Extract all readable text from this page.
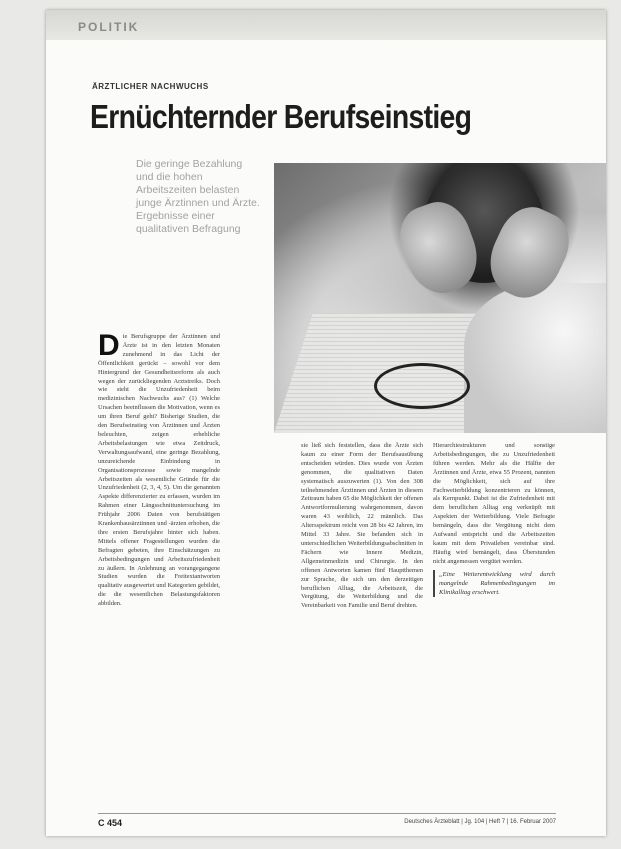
POLITIK
ÄRZTLICHER NACHWUCHS
Ernüchternder Berufseinstieg
Die geringe Bezahlung und die hohen Arbeitszeiten belasten junge Ärztinnen und Ärzte. Ergebnisse einer qualitativen Befragung
D ie Berufsgruppe der Ärztinnen und Ärzte ist in den letzten Monaten zunehmend in das Licht der Öffentlichkeit gerückt – sowohl vor dem Hintergrund der Gesundheitsreform als auch wegen der zurückliegenden Arztstreiks. Doch wie steht die Unzufriedenheit beim medizinischen Nachwuchs aus? (1) Welche Ursachen beeinflussen die Motivation, wenn es um ihren Beruf geht? Bisherige Studien, die den Berufseinstieg von Ärztinnen und Ärzten beleuchten, zeigen erhebliche Arbeitsbelastungen wie etwa Zeitdruck, Verwaltungsaufwand, eine geringe Bezahlung, unzureichende Einbindung in Organisationsprozesse sowie mangelnde Arbeitszeiten als wesentliche Gründe für die Unzufriedenheit (2, 3, 4, 5). Um die genannten Aspekte differenzierter zu erfassen, wurden im Rahmen einer Längsschnittuntersuchung im Frühjahr 2006 Daten von berufstätigen Krankenhausärztinnen und -ärzten erhoben, die ihre ersten Berufsjahre hinter sich haben. Mittels offener Fragestellungen wurden die Befragten gebeten, ihre Einschätzungen zu Arbeitsbedingungen und Arbeitszufriedenheit zu äußern. In Anlehnung an vorangegangene Studien wurden die Freitextantworten qualitativ ausgewertet und Kategorien gebildet, die die wesentlichen Belastungsfaktoren abbilden.

sie ließ sich feststellen, dass die Ärzte sich kaum zu einer Form der Berufsausübung entscheiden würden. Dies wurde von Ärzten genommen, die qualitativen Daten systematisch auszuwerten (1). Von den 308 teilnehmenden Ärztinnen und Ärzten in diesem Zeitraum haben 65 die Möglichkeit der offenen Antwortformulierung wahrgenommen, davon waren 43 weiblich, 22 männlich. Das Altersspektrum reicht von 28 bis 42 Jahren, im Mittel 33 Jahre. Sie befanden sich in unterschiedlichen Weiterbildungsabschnitten in Fächern wie Innere Medizin, Allgemeinmedizin und Chirurgie. In den offenen Antworten kamen fünf Hauptthemen zur Sprache, die sich um den derzeitigen beruflichen Alltag, die Arbeitszeit, die Vergütung, die Weiterbildung und die Vereinbarkeit von Familie und Beruf drehten.

Hierarchiestrukturen und sonstige Arbeitsbedingungen, die zu Unzufriedenheit führen werden. Mehr als die Hälfte der Ärztinnen und Ärzte, etwa 55 Prozent, nannten die Möglichkeit, sich auf ihre Fachweiterbildung konzentrieren zu können, als Kernpunkt. Dabei ist die Zufriedenheit mit dem beruflichen Alltag eng verknüpft mit Aspekten der Weiterbildung. Viele Befragte bemängeln, dass die Vergütung nicht dem Aufwand entspricht und die Arbeitszeiten kaum mit dem Privatleben vereinbar sind. Häufig wird bemängelt, dass Überstunden nicht angemessen vergütet werden.

„Eine Weiterentwicklung wird durch mangelnde Rahmenbedingungen im Klinikalltag erschwert.
C 454	Deutsches Ärzteblatt | Jg. 104 | Heft 7 | 16. Februar 2007
